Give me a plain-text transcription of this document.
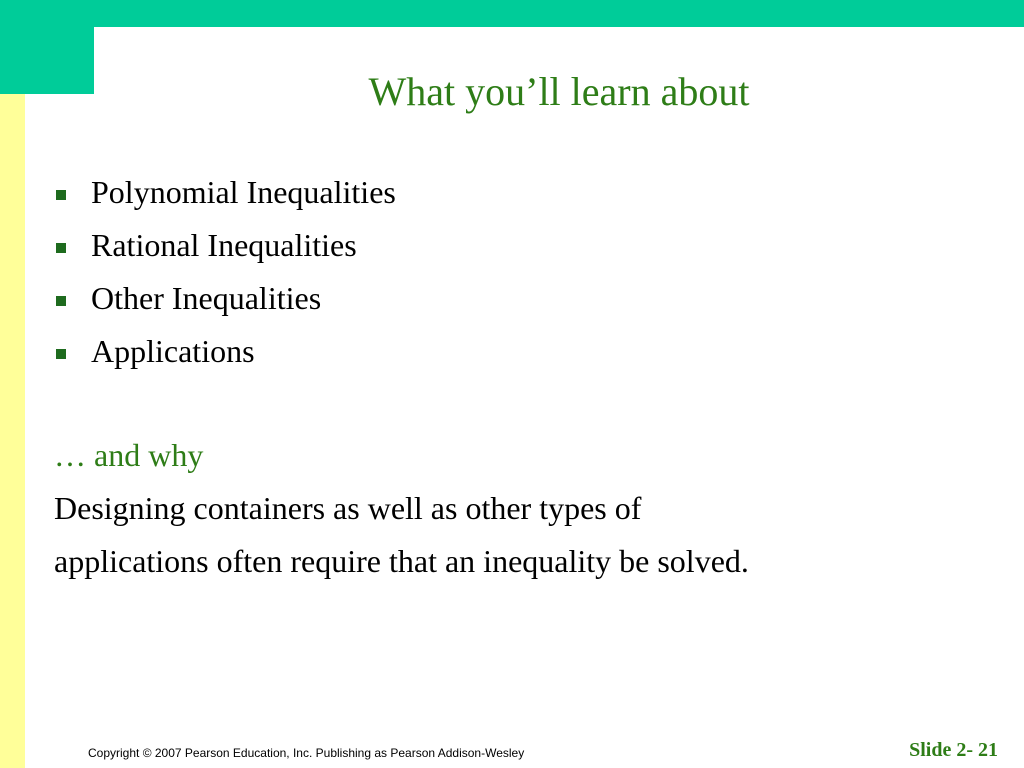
What you’ll learn about
Polynomial Inequalities
Rational Inequalities
Other Inequalities
Applications
… and why
Designing containers as well as other types of
applications often require that an inequality be solved.
Copyright © 2007 Pearson Education, Inc. Publishing as Pearson Addison-Wesley	Slide 2- 21
